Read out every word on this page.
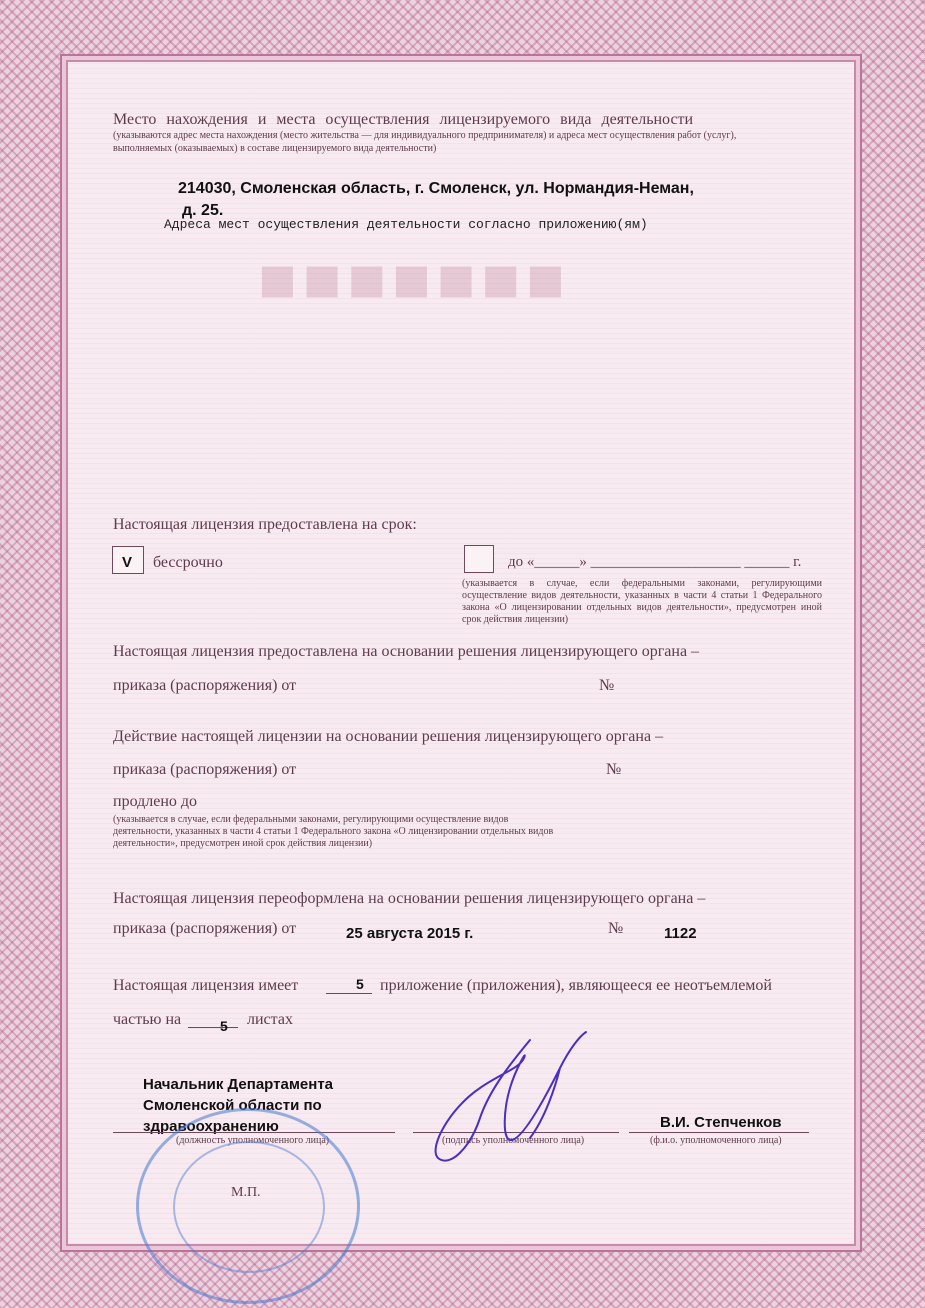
■■■■■■■
Место нахождения и места осуществления лицензируемого вида деятельности
(указываются адрес места нахождения (место жительства — для индивидуального предпринимателя) и адреса мест осуществления работ (услуг),
выполняемых (оказываемых) в составе лицензируемого вида деятельности)
214030, Смоленская область, г. Смоленск, ул. Нормандия-Неман,
д. 25.
Адреса мест осуществления деятельности согласно приложению(ям)
Настоящая лицензия предоставлена на срок:
V бессрочно	до «______» ____________________ ______ г.
(указывается в случае, если федеральными законами, регулирующими осуществление видов деятельности, указанных в части 4 статьи 1 Федерального закона «О лицензировании отдельных видов деятельности», предусмотрен иной срок действия лицензии)
Настоящая лицензия предоставлена на основании решения лицензирующего органа –
приказа (распоряжения) от	№
Действие настоящей лицензии на основании решения лицензирующего органа –
приказа (распоряжения) от	№
продлено до
(указывается в случае, если федеральными законами, регулирующими осуществление видов деятельности, указанных в части 4 статьи 1 Федерального закона «О лицензировании отдельных видов деятельности», предусмотрен иной срок действия лицензии)
Настоящая лицензия переоформлена на основании решения лицензирующего органа –
приказа (распоряжения) от	25 августа 2015 г.	№	1122
Настоящая лицензия имеет	5 приложение (приложения), являющееся ее неотъемлемой
частью на	5 листах
Начальник Департамента
Смоленской области по
здравоохранению
(должность уполномоченного лица)	(подпись уполномоченного лица)
В.И. Степченков
(ф.и.о. уполномоченного лица)
М.П.
